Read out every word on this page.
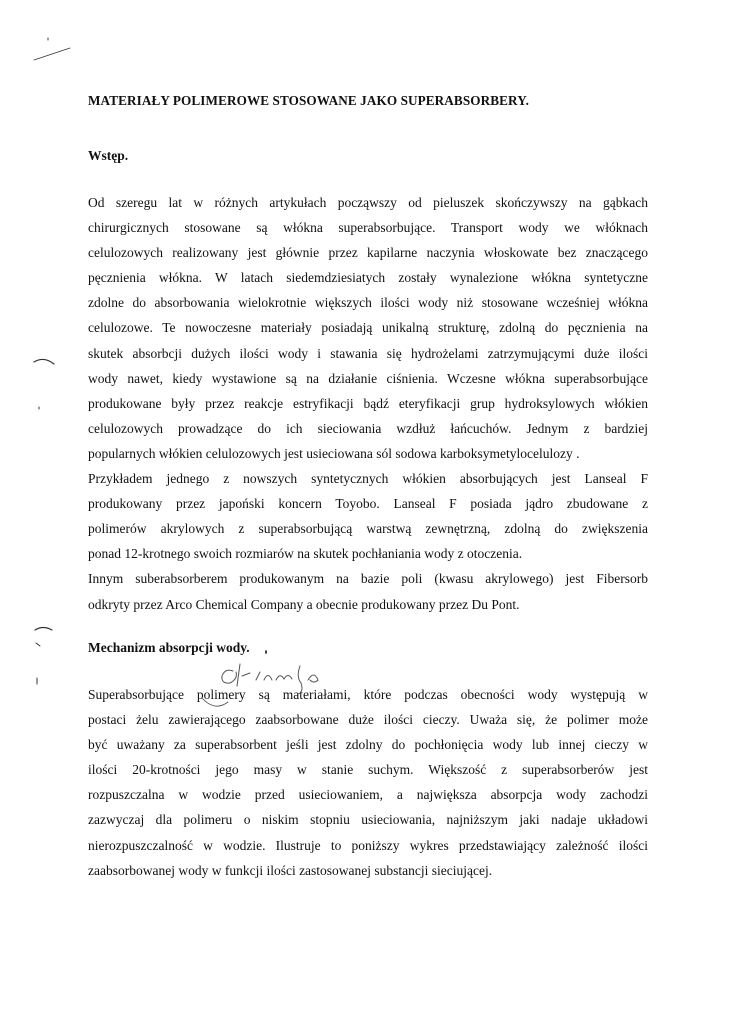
MATERIAŁY POLIMEROWE STOSOWANE JAKO SUPERABSORBERY.
Wstęp.
Od szeregu lat w różnych artykułach począwszy od pieluszek skończywszy na gąbkach
chirurgicznych stosowane są włókna superabsorbujące. Transport wody we włóknach
celulozowych realizowany jest głównie przez kapilarne naczynia włoskowate bez znaczącego
pęcznienia włókna. W latach siedemdziesiatych zostały wynalezione włókna syntetyczne
zdolne do absorbowania wielokrotnie większych ilości wody niż stosowane wcześniej włókna
celulozowe. Te nowoczesne materiały posiadają unikalną strukturę, zdolną do pęcznienia na
skutek absorbcji dużych ilości wody i stawania się hydrożelami zatrzymującymi duże ilości
wody nawet, kiedy wystawione są na działanie ciśnienia. Wczesne włókna superabsorbujące
produkowane były przez reakcje estryfikacji bądź eteryfikacji grup hydroksylowych włókien
celulozowych prowadzące do ich sieciowania wzdłuż łańcuchów. Jednym z bardziej
popularnych włókien celulozowych jest usieciowana sól sodowa karboksymetylocelulozy .
Przykładem jednego z nowszych syntetycznych włókien absorbujących jest Lanseal F
produkowany przez japoński koncern Toyobo. Lanseal F posiada jądro zbudowane z
polimerów akrylowych z superabsorbującą warstwą zewnętrzną, zdolną do zwiększenia
ponad 12-krotnego swoich rozmiarów na skutek pochłaniania wody z otoczenia.
Innym suberabsorberem produkowanym na bazie poli (kwasu akrylowego) jest Fibersorb
odkryty przez Arco Chemical Company a obecnie produkowany przez Du Pont.
Mechanizm absorpcji wody.
Superabsorbujące polimery są materiałami, które podczas obecności wody występują w
postaci żelu zawierającego zaabsorbowane duże ilości cieczy. Uważa się, że polimer może
być uważany za superabsorbent jeśli jest zdolny do pochłonięcia wody lub innej cieczy w
ilości 20-krotności jego masy w stanie suchym. Większość z superabsorberów jest
rozpuszczalna w wodzie przed usieciowaniem, a największa absorpcja wody zachodzi
zazwyczaj dla polimeru o niskim stopniu usieciowania, najniższym jaki nadaje układowi
nierozpuszczalność w wodzie. Ilustruje to poniższy wykres przedstawiający zależność ilości
zaabsorbowanej wody w funkcji ilości zastosowanej substancji sieciującej.
